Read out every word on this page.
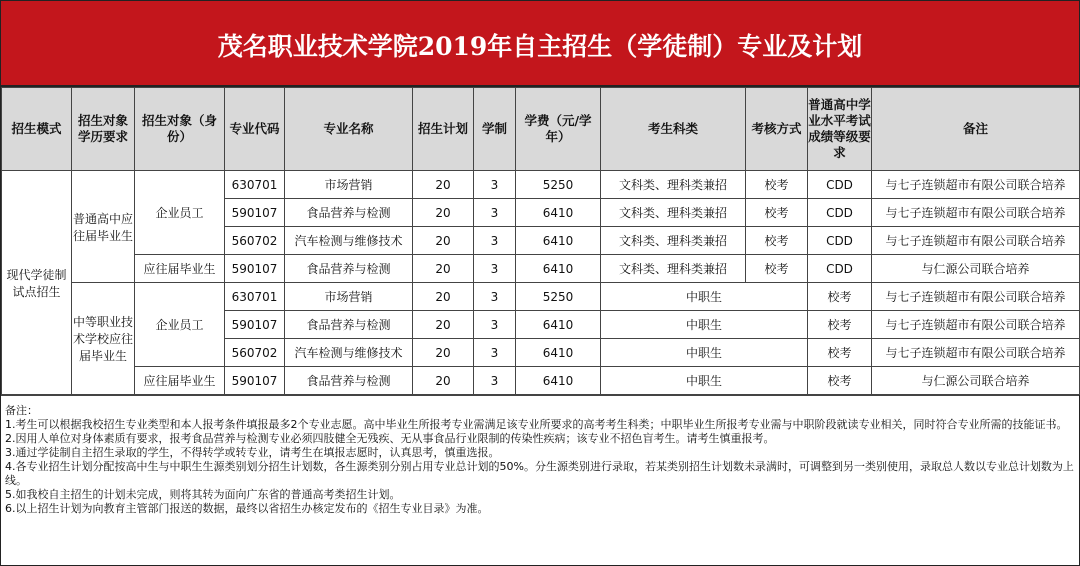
茂名职业技术学院2019年自主招生（学徒制）专业及计划
招生模式	招生对象学历要求	招生对象（身份）	专业代码	专业名称	招生计划	学制	学费（元/学年）	考生科类	考核方式	普通高中学业水平考试成绩等级要求	备注
现代学徒制试点招生	普通高中应往届毕业生	企业员工	630701	市场营销	20	3	5250	文科类、理科类兼招	校考	CDD	与七子连锁超市有限公司联合培养
			590107	食品营养与检测	20	3	6410	文科类、理科类兼招	校考	CDD	与七子连锁超市有限公司联合培养
			560702	汽车检测与维修技术	20	3	6410	文科类、理科类兼招	校考	CDD	与七子连锁超市有限公司联合培养
		应往届毕业生	590107	食品营养与检测	20	3	6410	文科类、理科类兼招	校考	CDD	与仁源公司联合培养
	中等职业技术学校应往届毕业生	企业员工	630701	市场营销	20	3	5250	中职生		校考	与七子连锁超市有限公司联合培养
			590107	食品营养与检测	20	3	6410	中职生		校考	与七子连锁超市有限公司联合培养
			560702	汽车检测与维修技术	20	3	6410	中职生		校考	与七子连锁超市有限公司联合培养
		应往届毕业生	590107	食品营养与检测	20	3	6410	中职生		校考	与仁源公司联合培养
备注：
1.考生可以根据我校招生专业类型和本人报考条件填报最多2个专业志愿。高中毕业生所报考专业需满足该专业所要求的高考考生科类；中职毕业生所报考专业需与中职阶段就读专业相关，同时符合专业所需的技能证书。
2.因用人单位对身体素质有要求，报考食品营养与检测专业必须四肢健全无残疾、无从事食品行业限制的传染性疾病；该专业不招色盲考生。请考生慎重报考。
3.通过学徒制自主招生录取的学生，不得转学或转专业，请考生在填报志愿时，认真思考，慎重选报。
4.各专业招生计划分配按高中生与中职生生源类别划分招生计划数，各生源类别分别占用专业总计划的50%。分生源类别进行录取，若某类别招生计划数未录满时，可调整到另一类别使用，录取总人数以专业总计划数为上线。
5.如我校自主招生的计划未完成，则将其转为面向广东省的普通高考类招生计划。
6.以上招生计划为向教育主管部门报送的数据，最终以省招生办核定发布的《招生专业目录》为准。
